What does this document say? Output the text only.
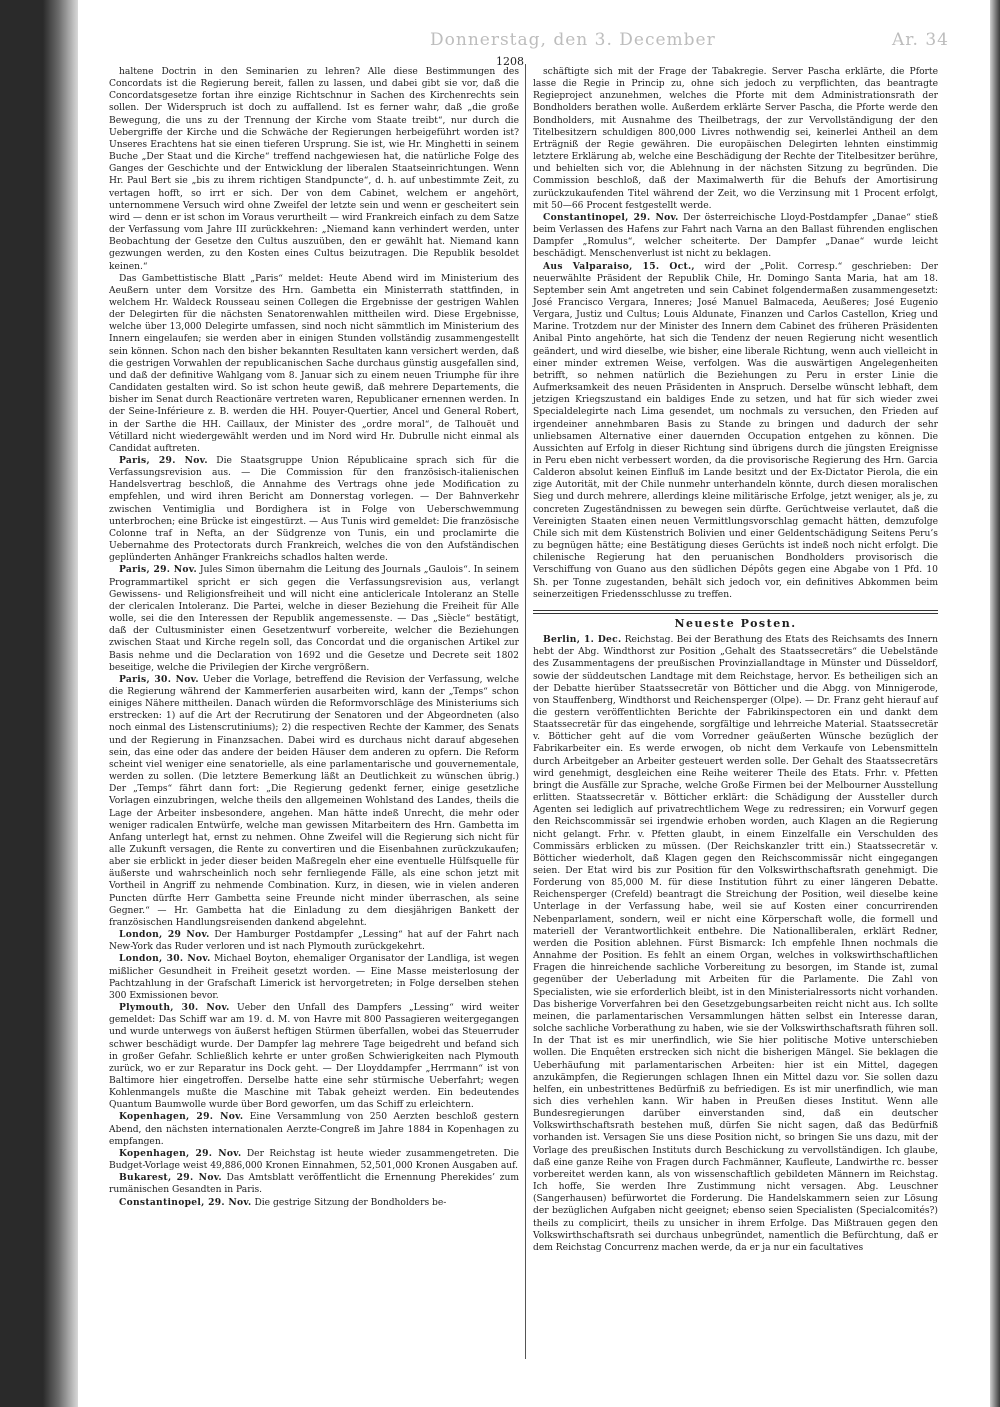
Donnerstag, den 3. December	Ar. 34
1208

haltene Doctrin in den Seminarien zu lehren? Alle diese Bestimmungen des Concordats ist die Regierung bereit, fallen zu lassen, und dabei gibt sie vor, daß die Concordatsgesetze fortan ihre einzige Richtschnur in Sachen des Kirchenrechts sein sollen. Der Widerspruch ist doch zu auffallend. Ist es ferner wahr, daß „die große Bewegung, die uns zu der Trennung der Kirche vom Staate treibt“, nur durch die Uebergriffe der Kirche und die Schwäche der Regierungen herbeigeführt worden ist? Unseres Erachtens hat sie einen tieferen Ursprung. Sie ist, wie Hr. Minghetti in seinem Buche „Der Staat und die Kirche“ treffend nachgewiesen hat, die natürliche Folge des Ganges der Geschichte und der Entwicklung der liberalen Staatseinrichtungen. Wenn Hr. Paul Bert sie „bis zu ihrem richtigen Standpuncte“, d. h. auf unbestimmte Zeit, zu vertagen hofft, so irrt er sich. Der von dem Cabinet, welchem er angehört, unternommene Versuch wird ohne Zweifel der letzte sein und wenn er gescheitert sein wird — denn er ist schon im Voraus verurtheilt — wird Frankreich einfach zu dem Satze der Verfassung vom Jahre III zurückkehren: „Niemand kann verhindert werden, unter Beobachtung der Gesetze den Cultus auszuüben, den er gewählt hat. Niemand kann gezwungen werden, zu den Kosten eines Cultus beizutragen. Die Republik besoldet keinen.“

Das Gambettistische Blatt „Paris“ meldet: Heute Abend wird im Ministerium des Aeußern unter dem Vorsitze des Hrn. Gambetta ein Ministerrath stattfinden, in welchem Hr. Waldeck Rousseau seinen Collegen die Ergebnisse der gestrigen Wahlen der Delegirten für die nächsten Senatorenwahlen mittheilen wird. Diese Ergebnisse, welche über 13,000 Delegirte umfassen, sind noch nicht sämmtlich im Ministerium des Innern eingelaufen; sie werden aber in einigen Stunden vollständig zusammengestellt sein können. Schon nach den bisher bekannten Resultaten kann versichert werden, daß die gestrigen Vorwahlen der republicanischen Sache durchaus günstig ausgefallen sind, und daß der definitive Wahlgang vom 8. Januar sich zu einem neuen Triumphe für ihre Candidaten gestalten wird. So ist schon heute gewiß, daß mehrere Departements, die bisher im Senat durch Reactionäre vertreten waren, Republicaner ernennen werden. In der Seine-Inférieure z. B. werden die HH. Pouyer-Quertier, Ancel und General Robert, in der Sarthe die HH. Caillaux, der Minister des „ordre moral“, de Talhouët und Vétillard nicht wiedergewählt werden und im Nord wird Hr. Dubrulle nicht einmal als Candidat auftreten.

Paris, 29. Nov. Die Staatsgruppe Union Républicaine sprach sich für die Verfassungsrevision aus. — Die Commission für den französisch-italienischen Handelsvertrag beschloß, die Annahme des Vertrags ohne jede Modification zu empfehlen, und wird ihren Bericht am Donnerstag vorlegen. — Der Bahnverkehr zwischen Ventimiglia und Bordighera ist in Folge von Ueberschwemmung unterbrochen; eine Brücke ist eingestürzt. — Aus Tunis wird gemeldet: Die französische Colonne traf in Nefta, an der Südgrenze von Tunis, ein und proclamirte die Uebernahme des Protectorats durch Frankreich, welches die von den Aufständischen geplünderten Anhänger Frankreichs schadlos halten werde.

Paris, 29. Nov. Jules Simon übernahm die Leitung des Journals „Gaulois“. In seinem Programmartikel spricht er sich gegen die Verfassungsrevision aus, verlangt Gewissens- und Religionsfreiheit und will nicht eine anticlericale Intoleranz an Stelle der clericalen Intoleranz. Die Partei, welche in dieser Beziehung die Freiheit für Alle wolle, sei die den Interessen der Republik angemessenste. — Das „Siècle“ bestätigt, daß der Cultusminister einen Gesetzentwurf vorbereite, welcher die Beziehungen zwischen Staat und Kirche regeln soll, das Concordat und die organischen Artikel zur Basis nehme und die Declaration von 1692 und die Gesetze und Decrete seit 1802 beseitige, welche die Privilegien der Kirche vergrößern.

Paris, 30. Nov. Ueber die Vorlage, betreffend die Revision der Verfassung, welche die Regierung während der Kammerferien ausarbeiten wird, kann der „Temps“ schon einiges Nähere mittheilen. Danach würden die Reformvorschläge des Ministeriums sich erstrecken: 1) auf die Art der Recrutirung der Senatoren und der Abgeordneten (also noch einmal des Listenscrutiniums); 2) die respectiven Rechte der Kammer, des Senats und der Regierung in Finanzsachen. Dabei wird es durchaus nicht darauf abgesehen sein, das eine oder das andere der beiden Häuser dem anderen zu opfern. Die Reform scheint viel weniger eine senatorielle, als eine parlamentarische und gouvernementale, werden zu sollen. (Die letztere Bemerkung läßt an Deutlichkeit zu wünschen übrig.) Der „Temps“ fährt dann fort: „Die Regierung gedenkt ferner, einige gesetzliche Vorlagen einzubringen, welche theils den allgemeinen Wohlstand des Landes, theils die Lage der Arbeiter insbesondere, angehen. Man hätte indeß Unrecht, die mehr oder weniger radicalen Entwürfe, welche man gewissen Mitarbeitern des Hrn. Gambetta im Anfang unterlegt hat, ernst zu nehmen. Ohne Zweifel will die Regierung sich nicht für alle Zukunft versagen, die Rente zu convertiren und die Eisenbahnen zurückzukaufen; aber sie erblickt in jeder dieser beiden Maßregeln eher eine eventuelle Hülfsquelle für äußerste und wahrscheinlich noch sehr fernliegende Fälle, als eine schon jetzt mit Vortheil in Angriff zu nehmende Combination. Kurz, in diesen, wie in vielen anderen Puncten dürfte Herr Gambetta seine Freunde nicht minder überraschen, als seine Gegner.“ — Hr. Gambetta hat die Einladung zu dem diesjährigen Bankett der französischen Handlungsreisenden dankend abgelehnt.

London, 29 Nov. Der Hamburger Postdampfer „Lessing“ hat auf der Fahrt nach New-York das Ruder verloren und ist nach Plymouth zurückgekehrt.

London, 30. Nov. Michael Boyton, ehemaliger Organisator der Landliga, ist wegen mißlicher Gesundheit in Freiheit gesetzt worden. — Eine Masse meisterlosung der Pachtzahlung in der Grafschaft Limerick ist hervorgetreten; in Folge derselben stehen 300 Exmissionen bevor.

Plymouth, 30. Nov. Ueber den Unfall des Dampfers „Lessing“ wird weiter gemeldet: Das Schiff war am 19. d. M. von Havre mit 800 Passagieren weitergegangen und wurde unterwegs von äußerst heftigen Stürmen überfallen, wobei das Steuerruder schwer beschädigt wurde. Der Dampfer lag mehrere Tage beigedreht und befand sich in großer Gefahr. Schließlich kehrte er unter großen Schwierigkeiten nach Plymouth zurück, wo er zur Reparatur ins Dock geht. — Der Lloyddampfer „Herrmann“ ist von Baltimore hier eingetroffen. Derselbe hatte eine sehr stürmische Ueberfahrt; wegen Kohlenmangels mußte die Maschine mit Tabak geheizt werden. Ein bedeutendes Quantum Baumwolle wurde über Bord geworfen, um das Schiff zu erleichtern.

Kopenhagen, 29. Nov. Eine Versammlung von 250 Aerzten beschloß gestern Abend, den nächsten internationalen Aerzte-Congreß im Jahre 1884 in Kopenhagen zu empfangen.

Kopenhagen, 29. Nov. Der Reichstag ist heute wieder zusammengetreten. Die Budget-Vorlage weist 49,886,000 Kronen Einnahmen, 52,501,000 Kronen Ausgaben auf.

Bukarest, 29. Nov. Das Amtsblatt veröffentlicht die Ernennung Pherekides’ zum rumänischen Gesandten in Paris.

Constantinopel, 29. Nov. Die gestrige Sitzung der Bondholders be-

schäftigte sich mit der Frage der Tabakregie. Server Pascha erklärte, die Pforte lasse die Regie in Princip zu, ohne sich jedoch zu verpflichten, das beantragte Regieproject anzunehmen, welches die Pforte mit dem Administrationsrath der Bondholders berathen wolle. Außerdem erklärte Server Pascha, die Pforte werde den Bondholders, mit Ausnahme des Theilbetrags, der zur Vervollständigung der den Titelbesitzern schuldigen 800,000 Livres nothwendig sei, keinerlei Antheil an dem Erträgniß der Regie gewähren. Die europäischen Delegirten lehnten einstimmig letztere Erklärung ab, welche eine Beschädigung der Rechte der Titelbesitzer berühre, und behielten sich vor, die Ablehnung in der nächsten Sitzung zu begründen. Die Commission beschloß, daß der Maximalwerth für die Behufs der Amortisirung zurückzukaufenden Titel während der Zeit, wo die Verzinsung mit 1 Procent erfolgt, mit 50—66 Procent festgestellt werde.

Constantinopel, 29. Nov. Der österreichische Lloyd-Postdampfer „Danae“ stieß beim Verlassen des Hafens zur Fahrt nach Varna an den Ballast führenden englischen Dampfer „Romulus“, welcher scheiterte. Der Dampfer „Danae“ wurde leicht beschädigt. Menschenverlust ist nicht zu beklagen.

Aus Valparaiso, 15. Oct., wird der „Polit. Corresp.“ geschrieben: Der neuerwählte Präsident der Republik Chile, Hr. Domingo Santa Maria, hat am 18. September sein Amt angetreten und sein Cabinet folgendermaßen zusammengesetzt: José Francisco Vergara, Inneres; José Manuel Balmaceda, Aeußeres; José Eugenio Vergara, Justiz und Cultus; Louis Aldunate, Finanzen und Carlos Castellon, Krieg und Marine. Trotzdem nur der Minister des Innern dem Cabinet des früheren Präsidenten Anibal Pinto angehörte, hat sich die Tendenz der neuen Regierung nicht wesentlich geändert, und wird dieselbe, wie bisher, eine liberale Richtung, wenn auch vielleicht in einer minder extremen Weise, verfolgen. Was die auswärtigen Angelegenheiten betrifft, so nehmen natürlich die Beziehungen zu Peru in erster Linie die Aufmerksamkeit des neuen Präsidenten in Anspruch. Derselbe wünscht lebhaft, dem jetzigen Kriegszustand ein baldiges Ende zu setzen, und hat für sich wieder zwei Specialdelegirte nach Lima gesendet, um nochmals zu versuchen, den Frieden auf irgendeiner annehmbaren Basis zu Stande zu bringen und dadurch der sehr unliebsamen Alternative einer dauernden Occupation entgehen zu können. Die Aussichten auf Erfolg in dieser Richtung sind übrigens durch die jüngsten Ereignisse in Peru eben nicht verbessert worden, da die provisorische Regierung des Hrn. Garcia Calderon absolut keinen Einfluß im Lande besitzt und der Ex-Dictator Pierola, die ein zige Autorität, mit der Chile nunmehr unterhandeln könnte, durch diesen moralischen Sieg und durch mehrere, allerdings kleine militärische Erfolge, jetzt weniger, als je, zu concreten Zugeständnissen zu bewegen sein dürfte. Gerüchtweise verlautet, daß die Vereinigten Staaten einen neuen Vermittlungsvorschlag gemacht hätten, demzufolge Chile sich mit dem Küstenstrich Bolivien und einer Geldentschädigung Seitens Peru’s zu begnügen hätte; eine Bestätigung dieses Gerüchts ist indeß noch nicht erfolgt. Die chilenische Regierung hat den peruanischen Bondholders provisorisch die Verschiffung von Guano aus den südlichen Dépôts gegen eine Abgabe von 1 Pfd. 10 Sh. per Tonne zugestanden, behält sich jedoch vor, ein definitives Abkommen beim seinerzeitigen Friedensschlusse zu treffen.

Neueste Posten.

Berlin, 1. Dec. Reichstag. Bei der Berathung des Etats des Reichsamts des Innern hebt der Abg. Windthorst zur Position „Gehalt des Staatssecretärs“ die Uebelstände des Zusammentagens der preußischen Provinziallandtage in Münster und Düsseldorf, sowie der süddeutschen Landtage mit dem Reichstage, hervor. Es betheiligen sich an der Debatte hierüber Staatssecretär von Bötticher und die Abgg. von Minnigerode, von Stauffenberg, Windthorst und Reichensperger (Olpe). — Dr. Franz geht hierauf auf die gestern veröffentlichten Berichte der Fabrikinspectoren ein und dankt dem Staatssecretär für das eingehende, sorgfältige und lehrreiche Material. Staatssecretär v. Bötticher geht auf die vom Vorredner geäußerten Wünsche bezüglich der Fabrikarbeiter ein. Es werde erwogen, ob nicht dem Verkaufe von Lebensmitteln durch Arbeitgeber an Arbeiter gesteuert werden solle. Der Gehalt des Staatssecretärs wird genehmigt, desgleichen eine Reihe weiterer Theile des Etats. Frhr. v. Pfetten bringt die Ausfälle zur Sprache, welche Große Firmen bei der Melbourner Ausstellung erlitten. Staatssecretär v. Bötticher erklärt: die Schädigung der Aussteller durch Agenten sei lediglich auf privatrechtlichem Wege zu redressiren; ein Vorwurf gegen den Reichscommissär sei irgendwie erhoben worden, auch Klagen an die Regierung nicht gelangt. Frhr. v. Pfetten glaubt, in einem Einzelfalle ein Verschulden des Commissärs erblicken zu müssen. (Der Reichskanzler tritt ein.) Staatssecretär v. Bötticher wiederholt, daß Klagen gegen den Reichscommissär nicht eingegangen seien. Der Etat wird bis zur Position für den Volkswirthschaftsrath genehmigt. Die Forderung von 85,000 M. für diese Institution führt zu einer längeren Debatte. Reichensperger (Crefeld) beantragt die Streichung der Position, weil dieselbe keine Unterlage in der Verfassung habe, weil sie auf Kosten einer concurrirenden Nebenparlament, sondern, weil er nicht eine Körperschaft wolle, die formell und materiell der Verantwortlichkeit entbehre. Die Nationalliberalen, erklärt Redner, werden die Position ablehnen. Fürst Bismarck: Ich empfehle Ihnen nochmals die Annahme der Position. Es fehlt an einem Organ, welches in volkswirthschaftlichen Fragen die hinreichende sachliche Vorbereitung zu besorgen, im Stande ist, zumal gegenüber der Ueberladung mit Arbeiten für die Parlamente. Die Zahl von Specialisten, wie sie erforderlich bleibt, ist in den Ministerialressorts nicht vorhanden. Das bisherige Vorverfahren bei den Gesetzgebungsarbeiten reicht nicht aus. Ich sollte meinen, die parlamentarischen Versammlungen hätten selbst ein Interesse daran, solche sachliche Vorberathung zu haben, wie sie der Volkswirthschaftsrath führen soll. In der That ist es mir unerfindlich, wie Sie hier politische Motive unterschieben wollen. Die Enquêten erstrecken sich nicht die bisherigen Mängel. Sie beklagen die Ueberhäufung mit parlamentarischen Arbeiten: hier ist ein Mittel, dagegen anzukämpfen, die Regierungen schlagen Ihnen ein Mittel dazu vor. Sie sollen dazu helfen, ein unbestrittenes Bedürfniß zu befriedigen. Es ist mir unerfindlich, wie man sich dies verhehlen kann. Wir haben in Preußen dieses Institut. Wenn alle Bundesregierungen darüber einverstanden sind, daß ein deutscher Volkswirthschaftsrath bestehen muß, dürfen Sie nicht sagen, daß das Bedürfniß vorhanden ist. Versagen Sie uns diese Position nicht, so bringen Sie uns dazu, mit der Vorlage des preußischen Instituts durch Beschickung zu vervollständigen. Ich glaube, daß eine ganze Reihe von Fragen durch Fachmänner, Kaufleute, Landwirthe rc. besser vorbereitet werden kann, als von wissenschaftlich gebildeten Männern im Reichstag. Ich hoffe, Sie werden Ihre Zustimmung nicht versagen. Abg. Leuschner (Sangerhausen) befürwortet die Forderung. Die Handelskammern seien zur Lösung der bezüglichen Aufgaben nicht geeignet; ebenso seien Specialisten (Specialcomités?) theils zu complicirt, theils zu unsicher in ihrem Erfolge. Das Mißtrauen gegen den Volkswirthschaftsrath sei durchaus unbegründet, namentlich die Befürchtung, daß er dem Reichstag Concurrenz machen werde, da er ja nur ein facultatives
